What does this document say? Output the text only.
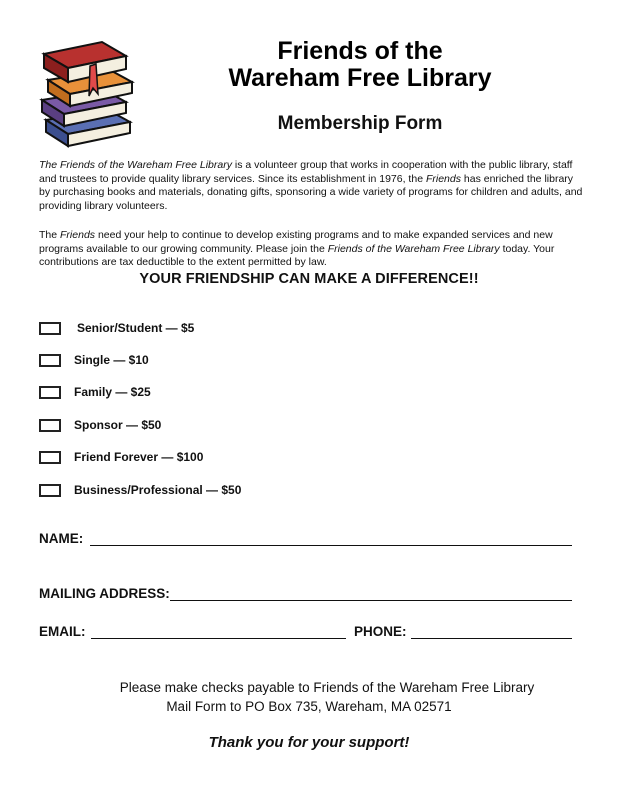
Friends of the
Wareham Free Library
Membership Form
The Friends of the Wareham Free Library is a volunteer group that works in cooperation with the public library, staff and trustees to provide quality library services. Since its establishment in 1976, the Friends has enriched the library by purchasing books and materials, donating gifts, sponsoring a wide variety of programs for children and adults, and providing library volunteers.
The Friends need your help to continue to develop existing programs and to make expanded services and new programs available to our growing community. Please join the Friends of the Wareham Free Library today. Your contributions are tax deductible to the extent permitted by law.
YOUR FRIENDSHIP CAN MAKE A DIFFERENCE!!
Senior/Student — $5
Single — $10
Family — $25
Sponsor — $50
Friend Forever — $100
Business/Professional — $50
NAME:
MAILING ADDRESS:
EMAIL:	PHONE:
Please make checks payable to Friends of the Wareham Free Library
Mail Form to PO Box 735, Wareham, MA 02571
Thank you for your support!
